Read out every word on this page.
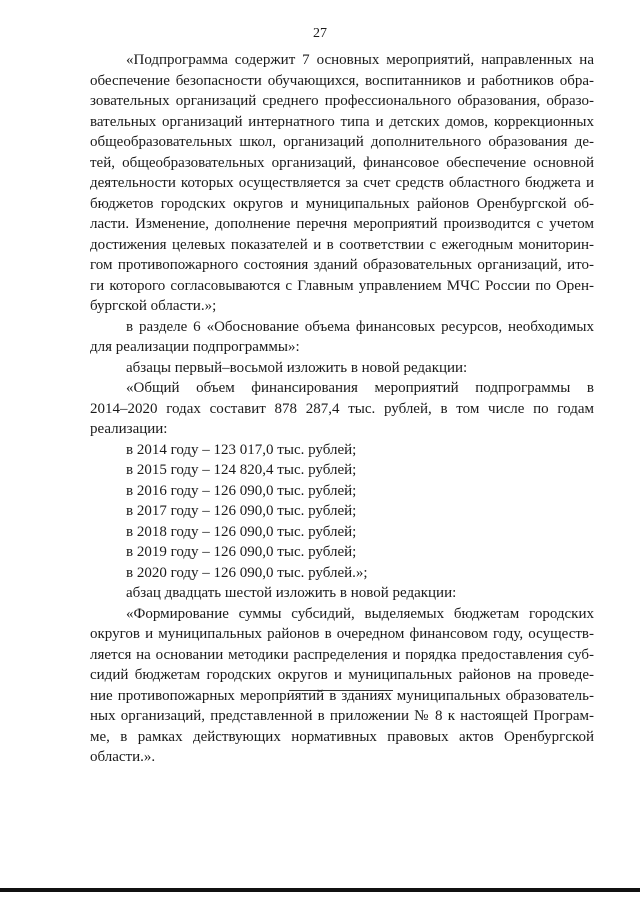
27

«Подпрограмма содержит 7 основных мероприятий, направленных на

обеспечение безопасности обучающихся, воспитанников и работников обра-

зовательных организаций среднего профессионального образования, образо-

вательных организаций интернатного типа и детских домов, коррекционных

общеобразовательных школ, организаций дополнительного образования де-

тей, общеобразовательных организаций, финансовое обеспечение основной

деятельности которых осуществляется за счет средств областного бюджета и

бюджетов городских округов и муниципальных районов Оренбургской об-

ласти. Изменение, дополнение перечня мероприятий производится с учетом

достижения целевых показателей и в соответствии с ежегодным мониторин-

гом противопожарного состояния зданий образовательных организаций, ито-

ги которого согласовываются с Главным управлением МЧС России по Орен-

бургской области.»;

в разделе 6 «Обоснование объема финансовых ресурсов, необходимых

для реализации подпрограммы»:

абзацы первый–восьмой изложить в новой редакции:

«Общий объем финансирования мероприятий подпрограммы в

2014–2020 годах составит 878 287,4 тыс. рублей, в том числе по годам

реализации:

в 2014 году – 123 017,0 тыс. рублей;

в 2015 году – 124 820,4 тыс. рублей;

в 2016 году – 126 090,0 тыс. рублей;

в 2017 году – 126 090,0 тыс. рублей;

в 2018 году – 126 090,0 тыс. рублей;

в 2019 году – 126 090,0 тыс. рублей;

в 2020 году – 126 090,0 тыс. рублей.»;

абзац двадцать шестой изложить в новой редакции:

«Формирование суммы субсидий, выделяемых бюджетам городских

округов и муниципальных районов в очередном финансовом году, осуществ-

ляется на основании методики распределения и порядка предоставления суб-

сидий бюджетам городских округов и муниципальных районов на проведе-

ние противопожарных мероприятий в зданиях муниципальных образователь-

ных организаций, представленной в приложении № 8 к настоящей Програм-

ме, в рамках действующих нормативных правовых актов Оренбургской

области.».
